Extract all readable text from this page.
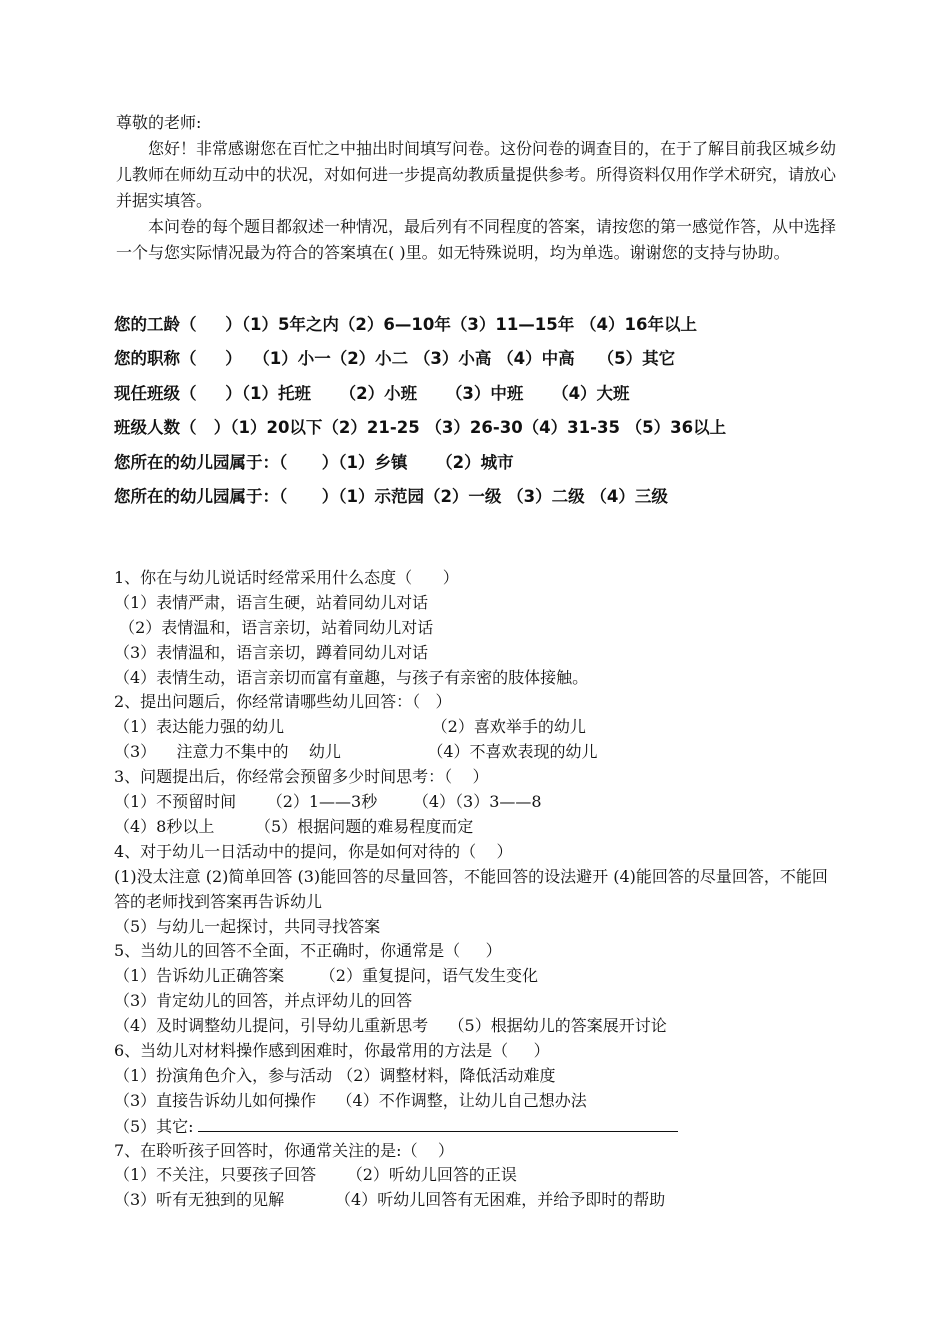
尊敬的老师:

您好！非常感谢您在百忙之中抽出时间填写问卷。这份问卷的调查目的，在于了解目前我区城乡幼儿教师在师幼互动中的状况，对如何进一步提高幼教质量提供参考。所得资料仅用作学术研究，请放心并据实填答。

本问卷的每个题目都叙述一种情况，最后列有不同程度的答案，请按您的第一感觉作答，从中选择一个与您实际情况最为符合的答案填在( )里。如无特殊说明，均为单选。谢谢您的支持与协助。

您的工龄（     ）（1）5年之内（2）6—10年（3）11—15年 （4）16年以上
您的职称（     ）  （1）小一（2）小二 （3）小高 （4）中高    （5）其它
现任班级（     ）（1）托班     （2）小班     （3）中班     （4）大班
班级人数（   ）（1）20以下（2）21-25 （3）26-30（4）31-35 （5）36以上
您所在的幼儿园属于：（      ）（1）乡镇     （2）城市
您所在的幼儿园属于：（      ）（1）示范园（2）一级 （3）二级 （4）三级
1、你在与幼儿说话时经常采用什么态度（      ）
（1）表情严肃，语言生硬，站着同幼儿对话
（2）表情温和，语言亲切，站着同幼儿对话
（3）表情温和，语言亲切，蹲着同幼儿对话
（4）表情生动，语言亲切而富有童趣，与孩子有亲密的肢体接触。
2、提出问题后，你经常请哪些幼儿回答：（   ）
（1）表达能力强的幼儿                             （2）喜欢举手的幼儿
（3）    注意力不集中的    幼儿                 （4）不喜欢表现的幼儿
3、问题提出后，你经常会预留多少时间思考：（    ）
（1）不预留时间      （2）1——3秒       （4）（3）3——8
（4）8秒以上        （5）根据问题的难易程度而定
4、对于幼儿一日活动中的提问，你是如何对待的（    ）
(1)没太注意 (2)简单回答 (3)能回答的尽量回答，不能回答的设法避开 (4)能回答的尽量回答，不能回答的老师找到答案再告诉幼儿
（5）与幼儿一起探讨，共同寻找答案
5、当幼儿的回答不全面，不正确时，你通常是（     ）
（1）告诉幼儿正确答案       （2）重复提问，语气发生变化
（3）肯定幼儿的回答，并点评幼儿的回答
（4）及时调整幼儿提问，引导幼儿重新思考    （5）根据幼儿的答案展开讨论
6、当幼儿对材料操作感到困难时，你最常用的方法是（     ）
（1）扮演角色介入，参与活动 （2）调整材料，降低活动难度
（3）直接告诉幼儿如何操作    （4）不作调整，让幼儿自己想办法
（5）其它:
7、在聆听孩子回答时，你通常关注的是:（    ）
（1）不关注，只要孩子回答      （2）听幼儿回答的正误
（3）听有无独到的见解          （4）听幼儿回答有无困难，并给予即时的帮助
